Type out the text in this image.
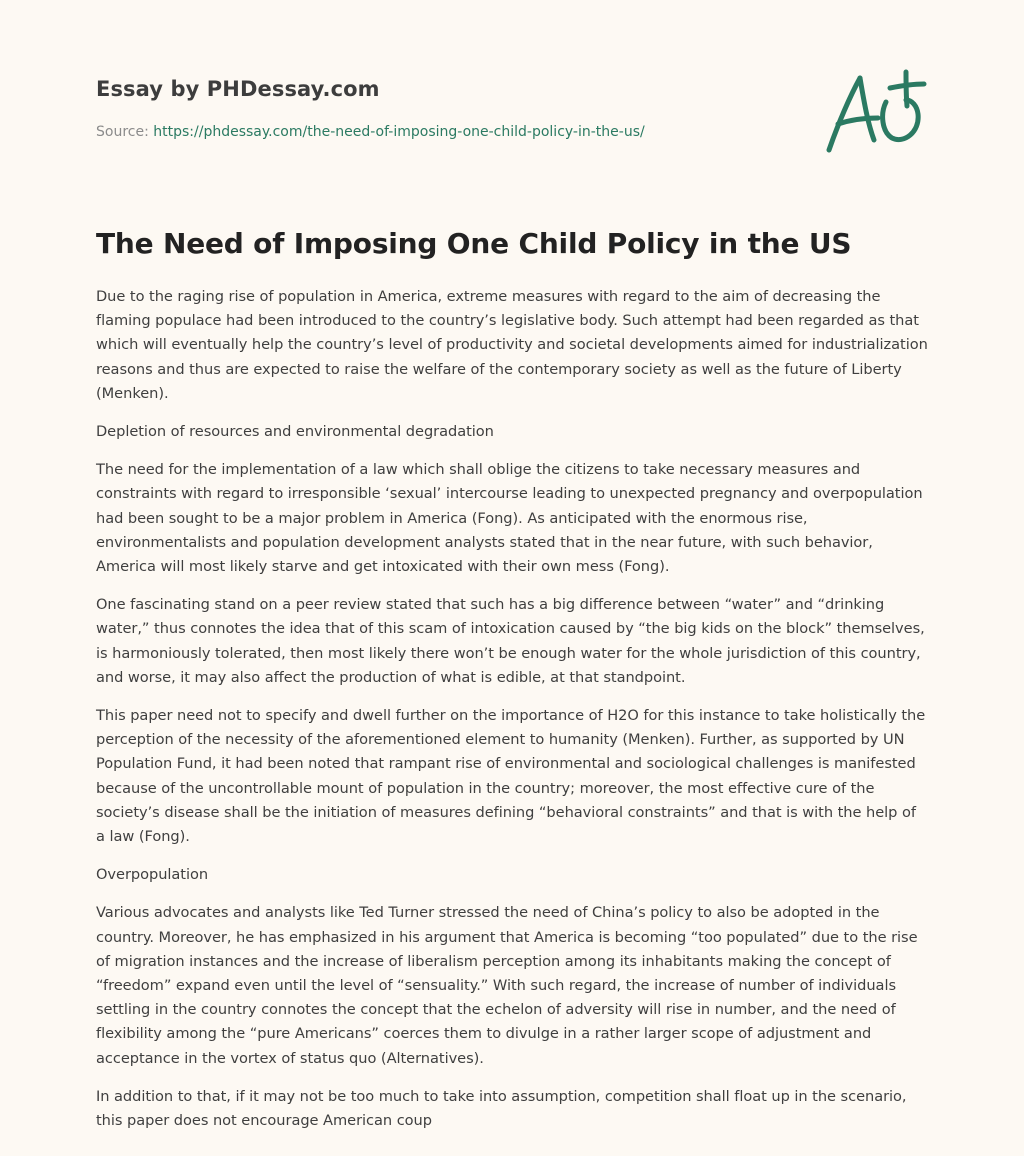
Essay by PHDessay.com
Source: https://phdessay.com/the-need-of-imposing-one-child-policy-in-the-us/
The Need of Imposing One Child Policy in the US

Due to the raging rise of population in America, extreme measures with regard to the aim of decreasing the flaming populace had been introduced to the country’s legislative body. Such attempt had been regarded as that which will eventually help the country’s level of productivity and societal developments aimed for industrialization reasons and thus are expected to raise the welfare of the contemporary society as well as the future of Liberty (Menken).

Depletion of resources and environmental degradation

The need for the implementation of a law which shall oblige the citizens to take necessary measures and constraints with regard to irresponsible ‘sexual’ intercourse leading to unexpected pregnancy and overpopulation had been sought to be a major problem in America (Fong). As anticipated with the enormous rise, environmentalists and population development analysts stated that in the near future, with such behavior, America will most likely starve and get intoxicated with their own mess (Fong).

One fascinating stand on a peer review stated that such has a big difference between “water” and “drinking water,” thus connotes the idea that of this scam of intoxication caused by “the big kids on the block” themselves, is harmoniously tolerated, then most likely there won’t be enough water for the whole jurisdiction of this country, and worse, it may also affect the production of what is edible, at that standpoint.

This paper need not to specify and dwell further on the importance of H2O for this instance to take holistically the perception of the necessity of the aforementioned element to humanity (Menken). Further, as supported by UN Population Fund, it had been noted that rampant rise of environmental and sociological challenges is manifested because of the uncontrollable mount of population in the country; moreover, the most effective cure of the society’s disease shall be the initiation of measures defining “behavioral constraints” and that is with the help of a law (Fong).

Overpopulation

Various advocates and analysts like Ted Turner stressed the need of China’s policy to also be adopted in the country. Moreover, he has emphasized in his argument that America is becoming “too populated” due to the rise of migration instances and the increase of liberalism perception among its inhabitants making the concept of “freedom” expand even until the level of “sensuality.” With such regard, the increase of number of individuals settling in the country connotes the concept that the echelon of adversity will rise in number, and the need of flexibility among the “pure Americans” coerces them to divulge in a rather larger scope of adjustment and acceptance in the vortex of status quo (Alternatives).

In addition to that, if it may not be too much to take into assumption, competition shall float up in the scenario, this paper does not encourage American coup
